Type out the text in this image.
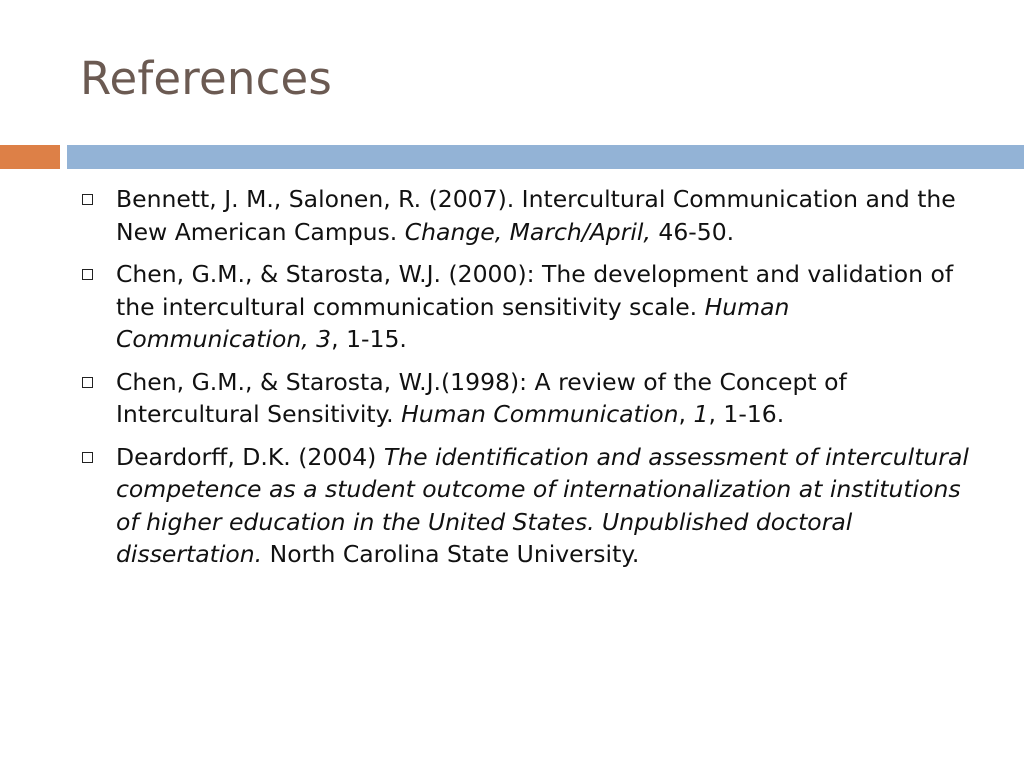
References
Bennett, J. M., Salonen, R. (2007). Intercultural Communication and the New American Campus. Change, March/April, 46-50.
Chen, G.M., & Starosta, W.J. (2000): The development and validation of the intercultural communication sensitivity scale. Human Communication, 3, 1-15.
Chen, G.M., & Starosta, W.J.(1998): A review of the Concept of Intercultural Sensitivity. Human Communication, 1, 1-16.
Deardorff, D.K. (2004) The identification and assessment of intercultural competence as a student outcome of internationalization at institutions of higher education in the United States. Unpublished doctoral dissertation. North Carolina State University.
